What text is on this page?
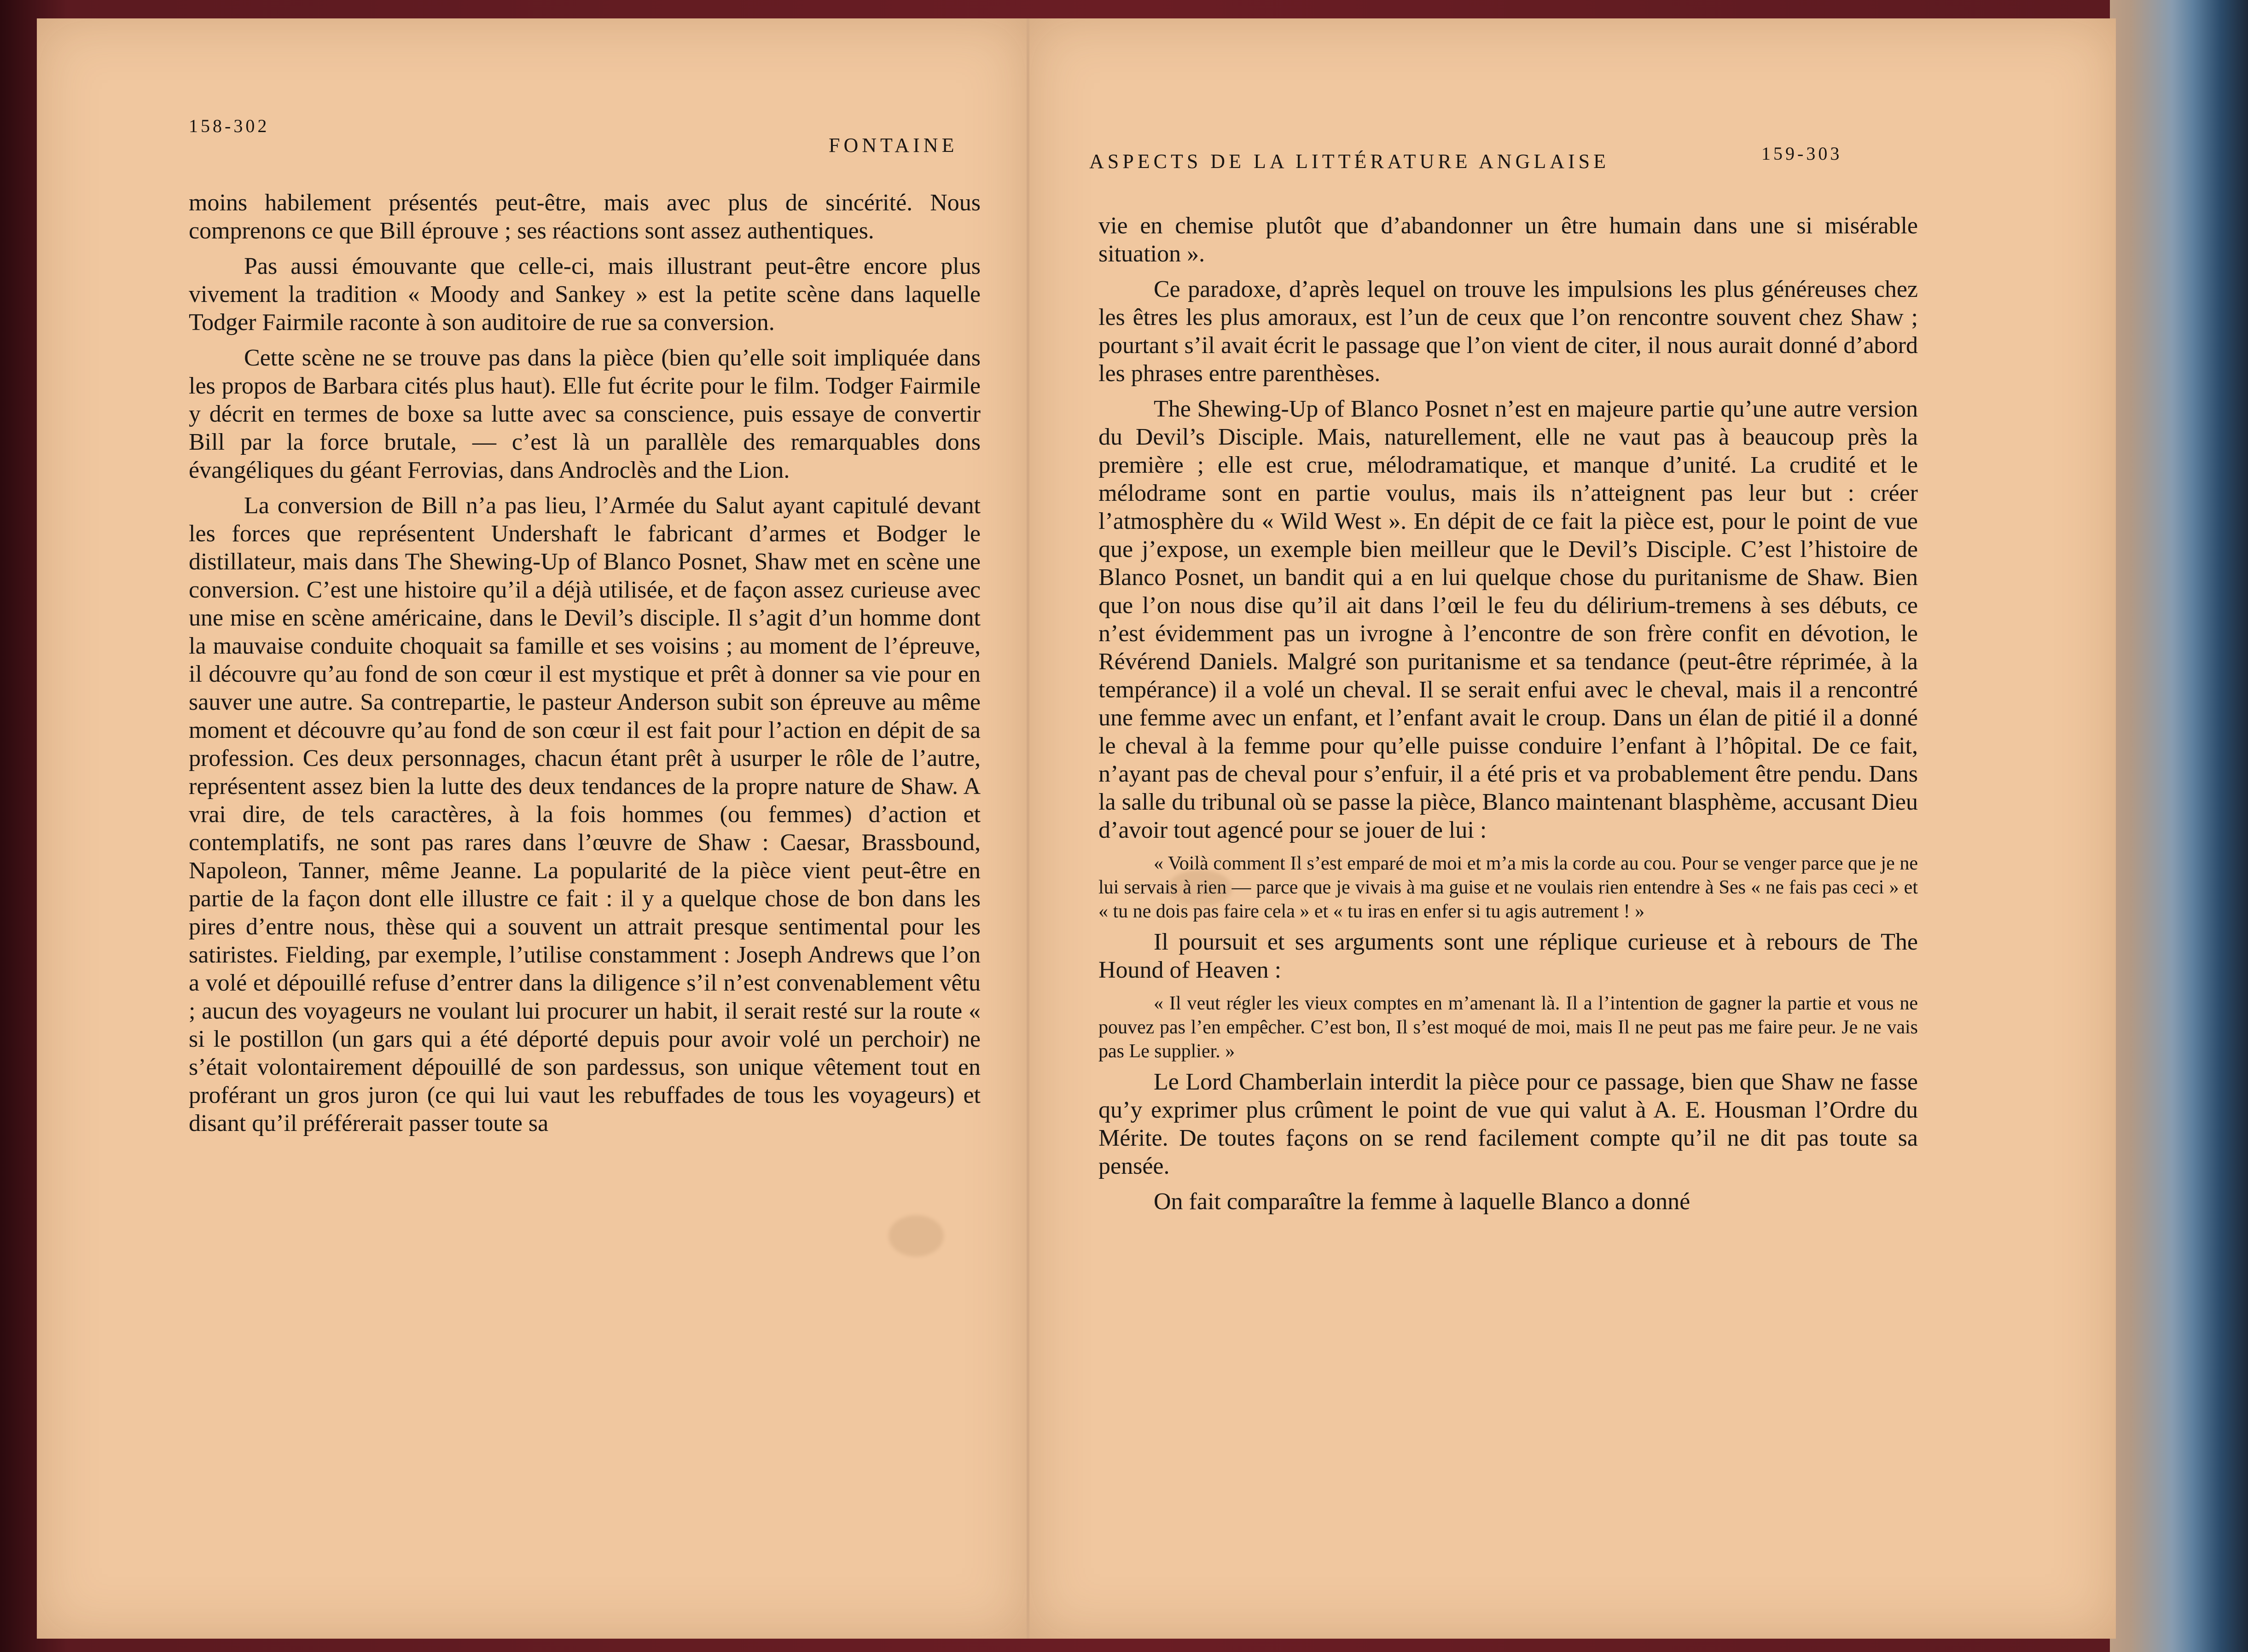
158-302
FONTAINE

moins habilement présentés peut-être, mais avec plus de sincérité. Nous comprenons ce que Bill éprouve ; ses réactions sont assez authentiques.

Pas aussi émouvante que celle-ci, mais illustrant peut-être encore plus vivement la tradition « Moody and Sankey » est la petite scène dans laquelle Todger Fairmile raconte à son auditoire de rue sa conversion.

Cette scène ne se trouve pas dans la pièce (bien qu’elle soit impliquée dans les propos de Barbara cités plus haut). Elle fut écrite pour le film. Todger Fairmile y décrit en termes de boxe sa lutte avec sa conscience, puis essaye de convertir Bill par la force brutale, — c’est là un parallèle des remarquables dons évangéliques du géant Ferrovias, dans Androclès and the Lion.

La conversion de Bill n’a pas lieu, l’Armée du Salut ayant capitulé devant les forces que représentent Undershaft le fabricant d’armes et Bodger le distillateur, mais dans The Shewing-Up of Blanco Posnet, Shaw met en scène une conversion. C’est une histoire qu’il a déjà utilisée, et de façon assez curieuse avec une mise en scène américaine, dans le Devil’s disciple. Il s’agit d’un homme dont la mauvaise conduite choquait sa famille et ses voisins ; au moment de l’épreuve, il découvre qu’au fond de son cœur il est mystique et prêt à donner sa vie pour en sauver une autre. Sa contrepartie, le pasteur Anderson subit son épreuve au même moment et découvre qu’au fond de son cœur il est fait pour l’action en dépit de sa profession. Ces deux personnages, chacun étant prêt à usurper le rôle de l’autre, représentent assez bien la lutte des deux tendances de la propre nature de Shaw. A vrai dire, de tels caractères, à la fois hommes (ou femmes) d’action et contemplatifs, ne sont pas rares dans l’œuvre de Shaw : Caesar, Brassbound, Napoleon, Tanner, même Jeanne. La popularité de la pièce vient peut-être en partie de la façon dont elle illustre ce fait : il y a quelque chose de bon dans les pires d’entre nous, thèse qui a souvent un attrait presque sentimental pour les satiristes. Fielding, par exemple, l’utilise constamment : Joseph Andrews que l’on a volé et dépouillé refuse d’entrer dans la diligence s’il n’est convenablement vêtu ; aucun des voyageurs ne voulant lui procurer un habit, il serait resté sur la route « si le postillon (un gars qui a été déporté depuis pour avoir volé un perchoir) ne s’était volontairement dépouillé de son pardessus, son unique vêtement tout en proférant un gros juron (ce qui lui vaut les rebuffades de tous les voyageurs) et disant qu’il préférerait passer toute sa

ASPECTS DE LA LITTÉRATURE ANGLAISE	159-303

vie en chemise plutôt que d’abandonner un être humain dans une si misérable situation ».

Ce paradoxe, d’après lequel on trouve les impulsions les plus généreuses chez les êtres les plus amoraux, est l’un de ceux que l’on rencontre souvent chez Shaw ; pourtant s’il avait écrit le passage que l’on vient de citer, il nous aurait donné d’abord les phrases entre parenthèses.

The Shewing-Up of Blanco Posnet n’est en majeure partie qu’une autre version du Devil’s Disciple. Mais, naturellement, elle ne vaut pas à beaucoup près la première ; elle est crue, mélodramatique, et manque d’unité. La crudité et le mélodrame sont en partie voulus, mais ils n’atteignent pas leur but : créer l’atmosphère du « Wild West ». En dépit de ce fait la pièce est, pour le point de vue que j’expose, un exemple bien meilleur que le Devil’s Disciple. C’est l’histoire de Blanco Posnet, un bandit qui a en lui quelque chose du puritanisme de Shaw. Bien que l’on nous dise qu’il ait dans l’œil le feu du délirium-tremens à ses débuts, ce n’est évidemment pas un ivrogne à l’encontre de son frère confit en dévotion, le Révérend Daniels. Malgré son puritanisme et sa tendance (peut-être réprimée, à la tempérance) il a volé un cheval. Il se serait enfui avec le cheval, mais il a rencontré une femme avec un enfant, et l’enfant avait le croup. Dans un élan de pitié il a donné le cheval à la femme pour qu’elle puisse conduire l’enfant à l’hôpital. De ce fait, n’ayant pas de cheval pour s’enfuir, il a été pris et va probablement être pendu. Dans la salle du tribunal où se passe la pièce, Blanco maintenant blasphème, accusant Dieu d’avoir tout agencé pour se jouer de lui :

« Voilà comment Il s’est emparé de moi et m’a mis la corde au cou. Pour se venger parce que je ne lui servais à rien — parce que je vivais à ma guise et ne voulais rien entendre à Ses « ne fais pas ceci » et « tu ne dois pas faire cela » et « tu iras en enfer si tu agis autrement ! »

Il poursuit et ses arguments sont une réplique curieuse et à rebours de The Hound of Heaven :

« Il veut régler les vieux comptes en m’amenant là. Il a l’intention de gagner la partie et vous ne pouvez pas l’en empêcher. C’est bon, Il s’est moqué de moi, mais Il ne peut pas me faire peur. Je ne vais pas Le supplier. »

Le Lord Chamberlain interdit la pièce pour ce passage, bien que Shaw ne fasse qu’y exprimer plus crûment le point de vue qui valut à A. E. Housman l’Ordre du Mérite. De toutes façons on se rend facilement compte qu’il ne dit pas toute sa pensée.

On fait comparaître la femme à laquelle Blanco a donné
